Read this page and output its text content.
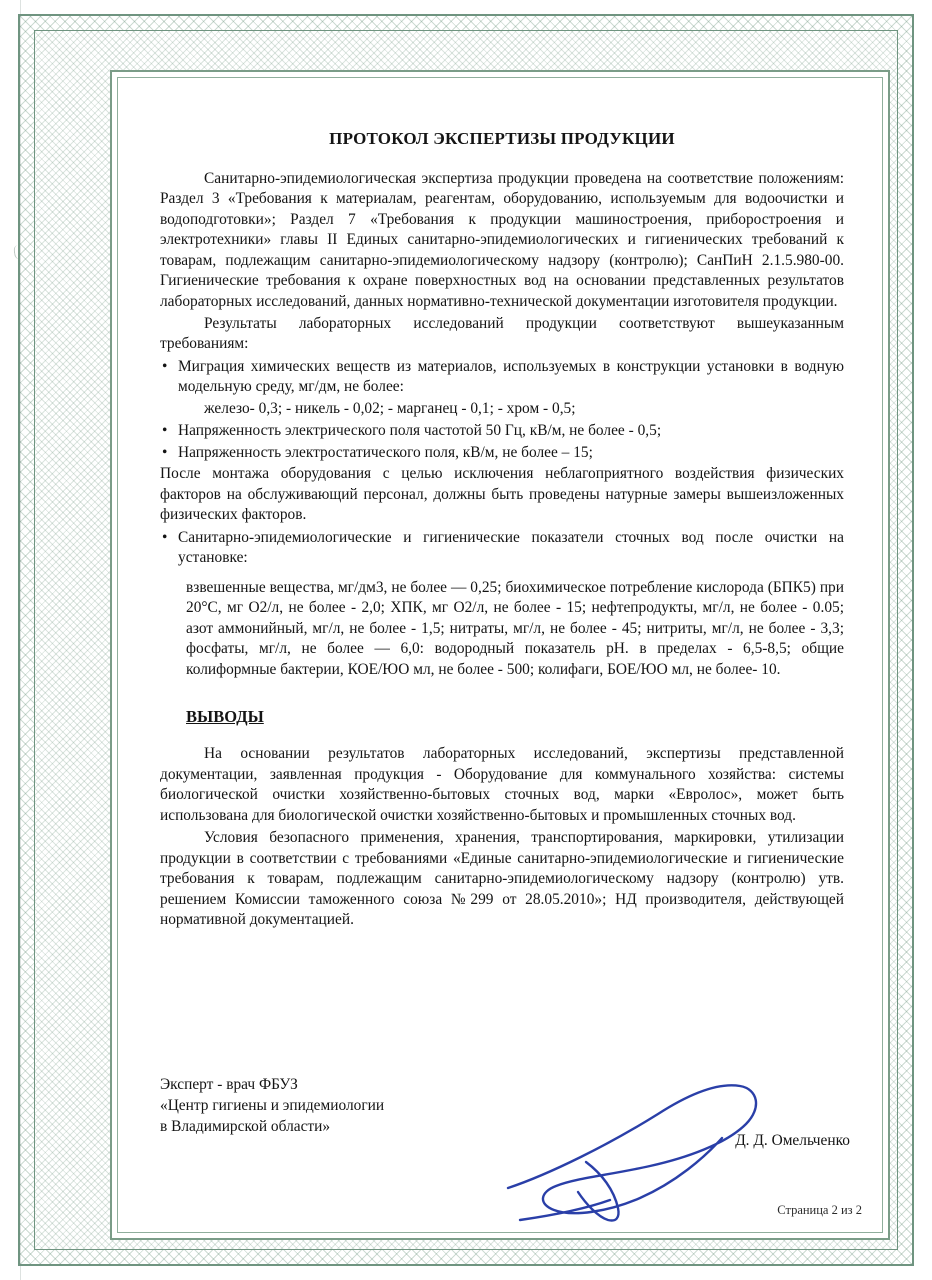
ПРОТОКОЛ ЭКСПЕРТИЗЫ ПРОДУКЦИИ

Санитарно-эпидемиологическая экспертиза продукции проведена на соответствие положениям: Раздел 3 «Требования к материалам, реагентам, оборудованию, используемым для водоочистки и водоподготовки»; Раздел 7 «Требования к продукции машиностроения, приборостроения и электротехники» главы II Единых санитарно-эпидемиологических и гигиенических требований к товарам, подлежащим санитарно-эпидемиологическому надзору (контролю); СанПиН 2.1.5.980-00. Гигиенические требования к охране поверхностных вод на основании представленных результатов лабораторных исследований, данных нормативно-технической документации изготовителя продукции.

Результаты лабораторных исследований продукции соответствуют вышеуказанным требованиям:

• Миграция химических веществ из материалов, используемых в конструкции установки в водную модельную среду, мг/дм, не более:

железо- 0,3; - никель - 0,02; - марганец - 0,1; - хром - 0,5;

• Напряженность электрического поля частотой 50 Гц, кВ/м, не более - 0,5;
• Напряженность электростатического поля, кВ/м, не более – 15;

После монтажа оборудования с целью исключения неблагоприятного воздействия физических факторов на обслуживающий персонал, должны быть проведены натурные замеры вышеизложенных физических факторов.

• Санитарно-эпидемиологические и гигиенические показатели сточных вод после очистки на установке:

взвешенные вещества, мг/дм3, не более — 0,25; биохимическое потребление кислорода (БПК5) при 20°С, мг О2/л, не более - 2,0; ХПК, мг О2/л, не более - 15; нефтепродукты, мг/л, не более - 0.05; азот аммонийный, мг/л, не более - 1,5; нитраты, мг/л, не более - 45; нитриты, мг/л, не более - 3,3; фосфаты, мг/л, не более — 6,0: водородный показатель рН. в пределах - 6,5-8,5; общие колиформные бактерии, КОЕ/ЮО мл, не более - 500; колифаги, БОЕ/ЮО мл, не более- 10.

ВЫВОДЫ

На основании результатов лабораторных исследований, экспертизы представленной документации, заявленная продукция - Оборудование для коммунального хозяйства: системы биологической очистки хозяйственно-бытовых сточных вод, марки «Евролос», может быть использована для биологической очистки хозяйственно-бытовых и промышленных сточных вод.

Условия безопасного применения, хранения, транспортирования, маркировки, утилизации продукции в соответствии с требованиями «Единые санитарно-эпидемиологические и гигиенические требования к товарам, подлежащим санитарно-эпидемиологическому надзору (контролю) утв. решением Комиссии таможенного союза №299 от 28.05.2010»; НД производителя, действующей нормативной документацией.

Эксперт - врач ФБУЗ
«Центр гигиены и эпидемиологии
в Владимирской области»
Д. Д. Омельченко
Страница 2 из 2
